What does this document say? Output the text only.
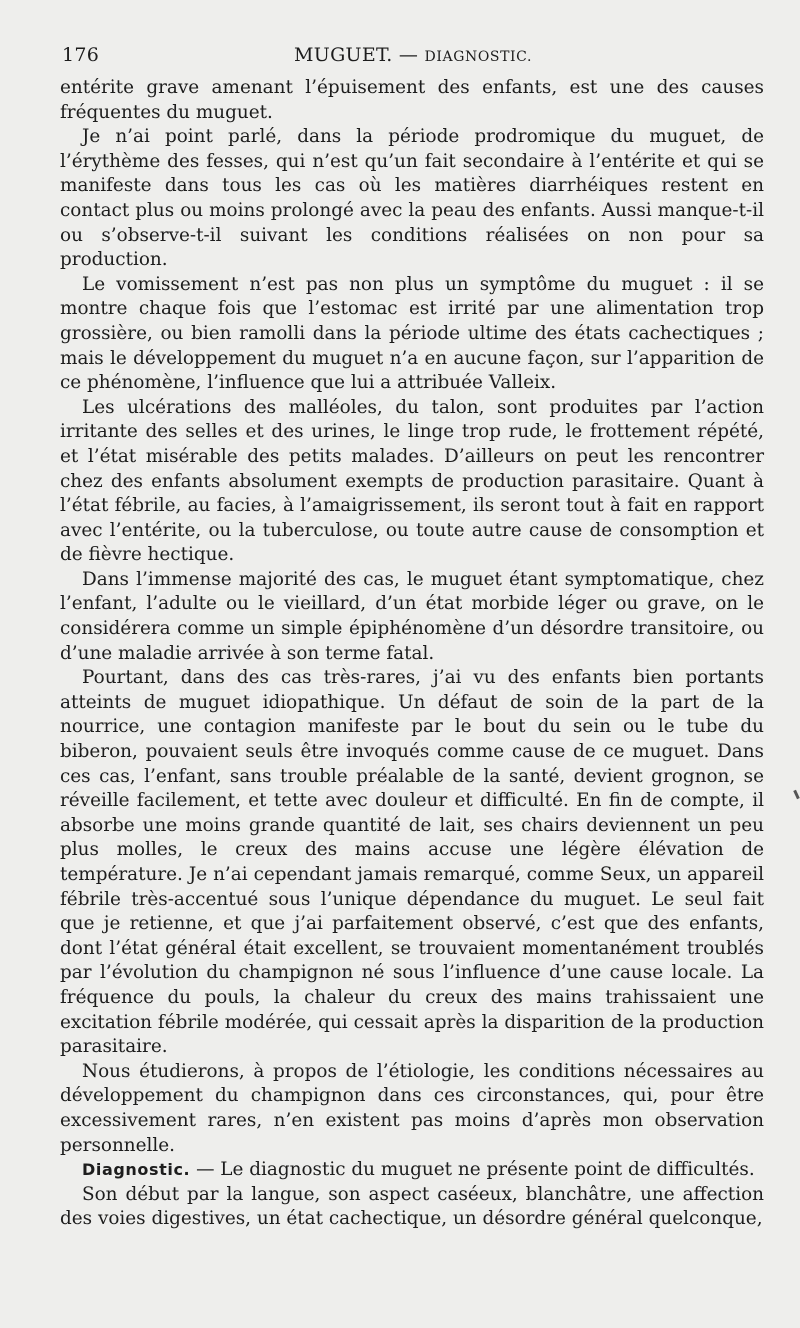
176	MUGUET. — DIAGNOSTIC.

entérite grave amenant l’épuisement des enfants, est une des causes fréquentes du muguet.

Je n’ai point parlé, dans la période prodromique du muguet, de l’érythème des fesses, qui n’est qu’un fait secondaire à l’entérite et qui se manifeste dans tous les cas où les matières diarrhéiques restent en contact plus ou moins prolongé avec la peau des enfants. Aussi manque-t-il ou s’observe-t-il suivant les conditions réalisées on non pour sa production.

Le vomissement n’est pas non plus un symptôme du muguet : il se montre chaque fois que l’estomac est irrité par une alimentation trop grossière, ou bien ramolli dans la période ultime des états cachectiques ; mais le développement du muguet n’a en aucune façon, sur l’apparition de ce phénomène, l’influence que lui a attribuée Valleix.

Les ulcérations des malléoles, du talon, sont produites par l’action irritante des selles et des urines, le linge trop rude, le frottement répété, et l’état misérable des petits malades. D’ailleurs on peut les rencontrer chez des enfants absolument exempts de production parasitaire. Quant à l’état fébrile, au facies, à l’amaigrissement, ils seront tout à fait en rapport avec l’entérite, ou la tuberculose, ou toute autre cause de consomption et de fièvre hectique.

Dans l’immense majorité des cas, le muguet étant symptomatique, chez l’enfant, l’adulte ou le vieillard, d’un état morbide léger ou grave, on le considérera comme un simple épiphénomène d’un désordre transitoire, ou d’une maladie arrivée à son terme fatal.

Pourtant, dans des cas très-rares, j’ai vu des enfants bien portants atteints de muguet idiopathique. Un défaut de soin de la part de la nourrice, une contagion manifeste par le bout du sein ou le tube du biberon, pouvaient seuls être invoqués comme cause de ce muguet. Dans ces cas, l’enfant, sans trouble préalable de la santé, devient grognon, se réveille facilement, et tette avec douleur et difficulté. En fin de compte, il absorbe une moins grande quantité de lait, ses chairs deviennent un peu plus molles, le creux des mains accuse une légère élévation de température. Je n’ai cependant jamais remarqué, comme Seux, un appareil fébrile très-accentué sous l’unique dépendance du muguet. Le seul fait que je retienne, et que j’ai parfaitement observé, c’est que des enfants, dont l’état général était excellent, se trouvaient momentanément troublés par l’évolution du champignon né sous l’influence d’une cause locale. La fréquence du pouls, la chaleur du creux des mains trahissaient une excitation fébrile modérée, qui cessait après la disparition de la production parasitaire.

Nous étudierons, à propos de l’étiologie, les conditions nécessaires au développement du champignon dans ces circonstances, qui, pour être excessivement rares, n’en existent pas moins d’après mon observation personnelle.

Diagnostic. — Le diagnostic du muguet ne présente point de difficultés.

Son début par la langue, son aspect caséeux, blanchâtre, une affection des voies digestives, un état cachectique, un désordre général quelconque,
